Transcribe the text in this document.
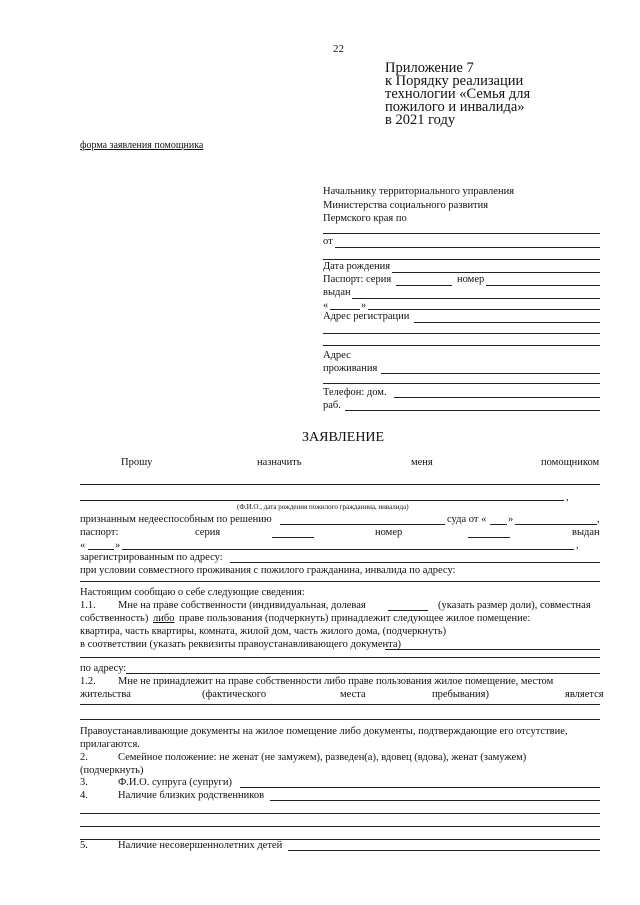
22
Приложение 7
к Порядку реализации
технологии «Семья для
пожилого и инвалида»
в 2021 году
форма заявления помощника
Начальнику территориального управления
Министерства социального развития
Пермского края по
от
Дата рождения
Паспорт: серия	номер
выдан
«	»
Адрес регистрации
Адрес
проживания
Телефон: дом.
раб.
ЗАЯВЛЕНИЕ
Прошу	назначить	меня	помощником
,
(Ф.И.О., дата рождения пожилого гражданина, инвалида)
признанным недееспособным по решению	суда от « »	,
паспорт:	серия	номер	выдан
«	»	,
зарегистрированным по адресу:
при условии совместного проживания с пожилого гражданина, инвалида по адресу:
Настоящим сообщаю о себе следующие сведения:
1.1. Мне на праве собственности (индивидуальная, долевая	(указать размер доли), совместная
собственность) либо праве пользования (подчеркнуть) принадлежит следующее жилое помещение:
квартира, часть квартиры, комната, жилой дом, часть жилого дома, (подчеркнуть)
в соответствии (указать реквизиты правоустанавливающего документа)
по адресу:
1.2. Мне не принадлежит на праве собственности либо праве пользования жилое помещение, местом
жительства	(фактического	места	пребывания)	является
Правоустанавливающие документы на жилое помещение либо документы, подтверждающие его отсутствие,
прилагаются.
2.	Семейное положение: не женат (не замужем), разведен(а), вдовец (вдова), женат (замужем)
(подчеркнуть)
3.	Ф.И.О. супруга (супруги)
4.	Наличие близких родственников
5.	Наличие несовершеннолетних детей
